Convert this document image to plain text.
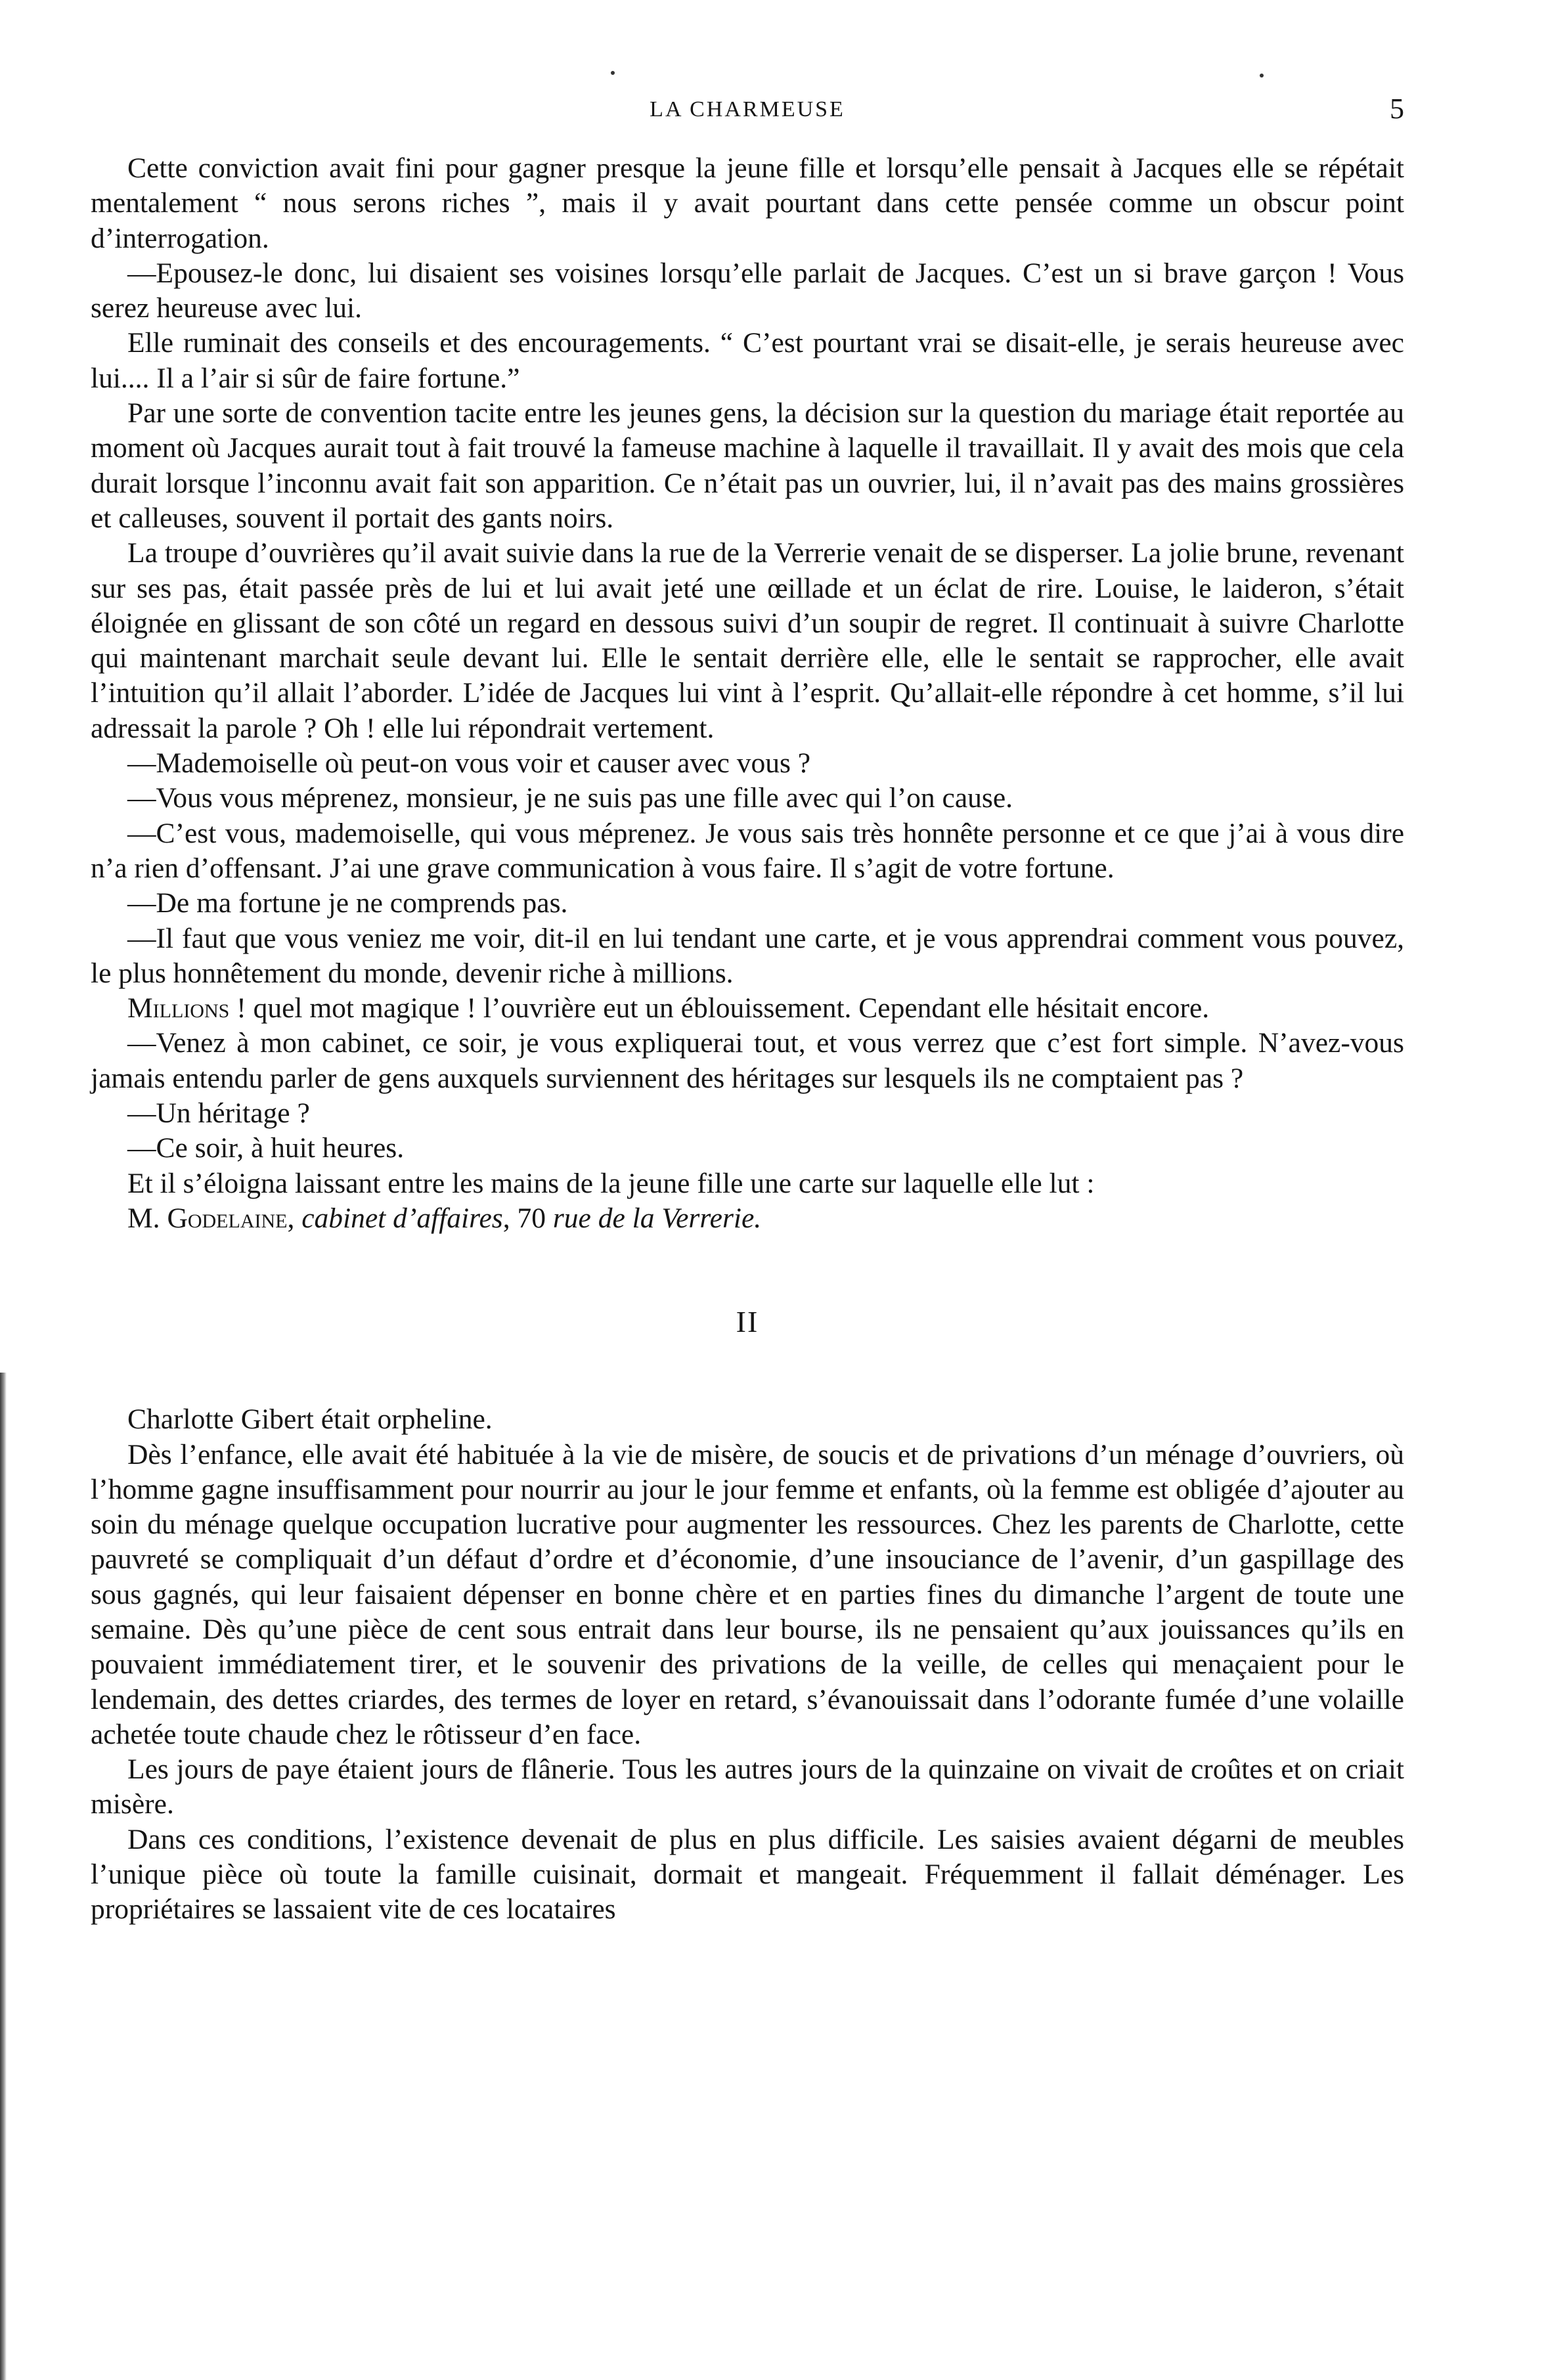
LA CHARMEUSE	5

Cette conviction avait fini pour gagner presque la jeune fille et lorsqu’elle pensait à Jacques elle se répétait mentalement “ nous serons riches ”, mais il y avait pourtant dans cette pensée comme un obscur point d’interrogation.

—Epousez-le donc, lui disaient ses voisines lorsqu’elle parlait de Jacques. C’est un si brave garçon ! Vous serez heureuse avec lui.

Elle ruminait des conseils et des encouragements. “ C’est pourtant vrai se disait-elle, je serais heureuse avec lui.... Il a l’air si sûr de faire fortune.”

Par une sorte de convention tacite entre les jeunes gens, la décision sur la question du mariage était reportée au moment où Jacques aurait tout à fait trouvé la fameuse machine à laquelle il travaillait. Il y avait des mois que cela durait lorsque l’inconnu avait fait son apparition. Ce n’était pas un ouvrier, lui, il n’avait pas des mains grossières et calleuses, souvent il portait des gants noirs.

La troupe d’ouvrières qu’il avait suivie dans la rue de la Verrerie venait de se disperser. La jolie brune, revenant sur ses pas, était passée près de lui et lui avait jeté une œillade et un éclat de rire. Louise, le laideron, s’était éloignée en glissant de son côté un regard en dessous suivi d’un soupir de regret. Il continuait à suivre Charlotte qui maintenant marchait seule devant lui. Elle le sentait derrière elle, elle le sentait se rapprocher, elle avait l’intuition qu’il allait l’aborder. L’idée de Jacques lui vint à l’esprit. Qu’allait-elle répondre à cet homme, s’il lui adressait la parole ? Oh ! elle lui répondrait vertement.

—Mademoiselle où peut-on vous voir et causer avec vous ?

—Vous vous méprenez, monsieur, je ne suis pas une fille avec qui l’on cause.

—C’est vous, mademoiselle, qui vous méprenez. Je vous sais très honnête personne et ce que j’ai à vous dire n’a rien d’offensant. J’ai une grave communication à vous faire. Il s’agit de votre fortune.

—De ma fortune je ne comprends pas.

—Il faut que vous veniez me voir, dit-il en lui tendant une carte, et je vous apprendrai comment vous pouvez, le plus honnêtement du monde, devenir riche à millions.

Millions ! quel mot magique ! l’ouvrière eut un éblouissement. Cependant elle hésitait encore.

—Venez à mon cabinet, ce soir, je vous expliquerai tout, et vous verrez que c’est fort simple. N’avez-vous jamais entendu parler de gens auxquels surviennent des héritages sur lesquels ils ne comptaient pas ?

—Un héritage ?

—Ce soir, à huit heures.

Et il s’éloigna laissant entre les mains de la jeune fille une carte sur laquelle elle lut :

M. Godelaine, cabinet d’affaires, 70 rue de la Verrerie.

II

Charlotte Gibert était orpheline.

Dès l’enfance, elle avait été habituée à la vie de misère, de soucis et de privations d’un ménage d’ouvriers, où l’homme gagne insuffisamment pour nourrir au jour le jour femme et enfants, où la femme est obligée d’ajouter au soin du ménage quelque occupation lucrative pour augmenter les ressources. Chez les parents de Charlotte, cette pauvreté se compliquait d’un défaut d’ordre et d’économie, d’une insouciance de l’avenir, d’un gaspillage des sous gagnés, qui leur faisaient dépenser en bonne chère et en parties fines du dimanche l’argent de toute une semaine. Dès qu’une pièce de cent sous entrait dans leur bourse, ils ne pensaient qu’aux jouissances qu’ils en pouvaient immédiatement tirer, et le souvenir des privations de la veille, de celles qui menaçaient pour le lendemain, des dettes criardes, des termes de loyer en retard, s’évanouissait dans l’odorante fumée d’une volaille achetée toute chaude chez le rôtisseur d’en face.

Les jours de paye étaient jours de flânerie. Tous les autres jours de la quinzaine on vivait de croûtes et on criait misère.

Dans ces conditions, l’existence devenait de plus en plus difficile. Les saisies avaient dégarni de meubles l’unique pièce où toute la famille cuisinait, dormait et mangeait. Fréquemment il fallait déménager. Les propriétaires se lassaient vite de ces locataires
